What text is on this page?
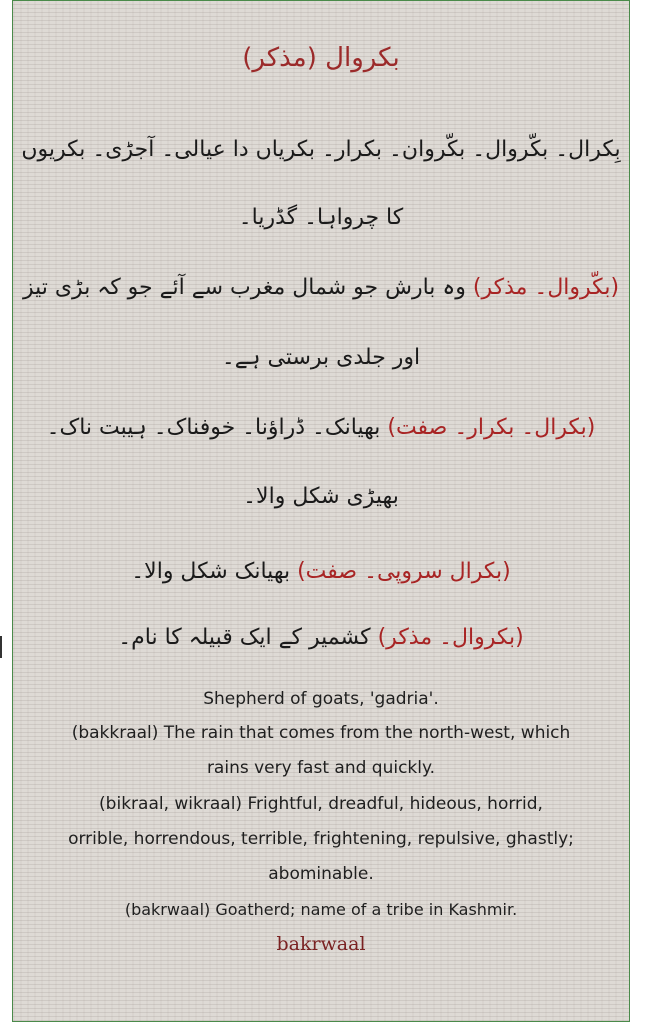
بکروال (مذکر)
بِکرال۔ بکّروال۔ بکّروان۔ بکرار۔ بکریاں دا عیالی۔ آجڑی۔ بکریوں
کا چرواہا۔ گڈریا۔
(بکّروال۔ مذکر) وہ بارش جو شمال مغرب سے آئے جو کہ بڑی تیز
اور جلدی برستی ہے۔
(بکرال۔ بکرار۔ صفت) بھیانک۔ ڈراؤنا۔ خوفناک۔ ہیبت ناک۔
بھیڑی شکل والا۔
(بکرال سروپی۔ صفت) بھیانک شکل والا۔
(بکروال۔ مذکر) کشمیر کے ایک قبیلہ کا نام۔
Shepherd of goats, 'gadria'.
(bakkraal) The rain that comes from the north-west, which
rains very fast and quickly.
(bikraal, wikraal) Frightful, dreadful, hideous, horrid,
orrible, horrendous, terrible, frightening, repulsive, ghastly;
abominable.
(bakrwaal) Goatherd; name of a tribe in Kashmir.
bakrwaal
